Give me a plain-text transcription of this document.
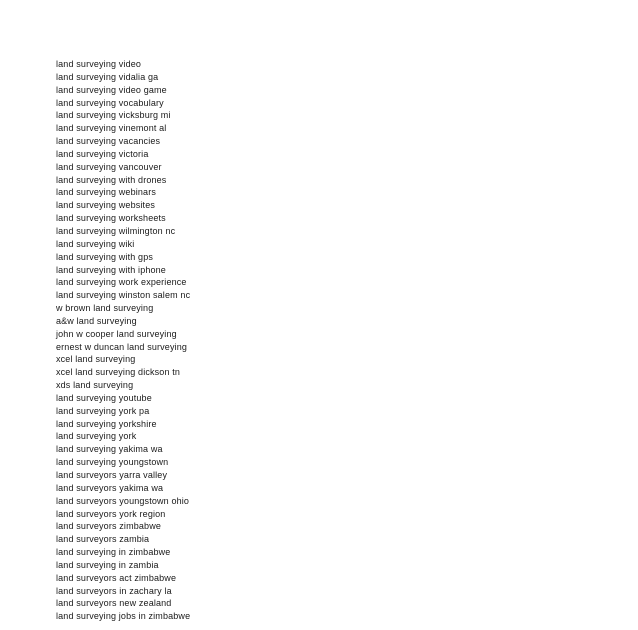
land surveying video
land surveying vidalia ga
land surveying video game
land surveying vocabulary
land surveying vicksburg mi
land surveying vinemont al
land surveying vacancies
land surveying victoria
land surveying vancouver
land surveying with drones
land surveying webinars
land surveying websites
land surveying worksheets
land surveying wilmington nc
land surveying wiki
land surveying with gps
land surveying with iphone
land surveying work experience
land surveying winston salem nc
w brown land surveying
a&w land surveying
john w cooper land surveying
ernest w duncan land surveying
xcel land surveying
xcel land surveying dickson tn
xds land surveying
land surveying youtube
land surveying york pa
land surveying yorkshire
land surveying york
land surveying yakima wa
land surveying youngstown
land surveyors yarra valley
land surveyors yakima wa
land surveyors youngstown ohio
land surveyors york region
land surveyors zimbabwe
land surveyors zambia
land surveying in zimbabwe
land surveying in zambia
land surveyors act zimbabwe
land surveyors in zachary la
land surveyors new zealand
land surveying jobs in zimbabwe
